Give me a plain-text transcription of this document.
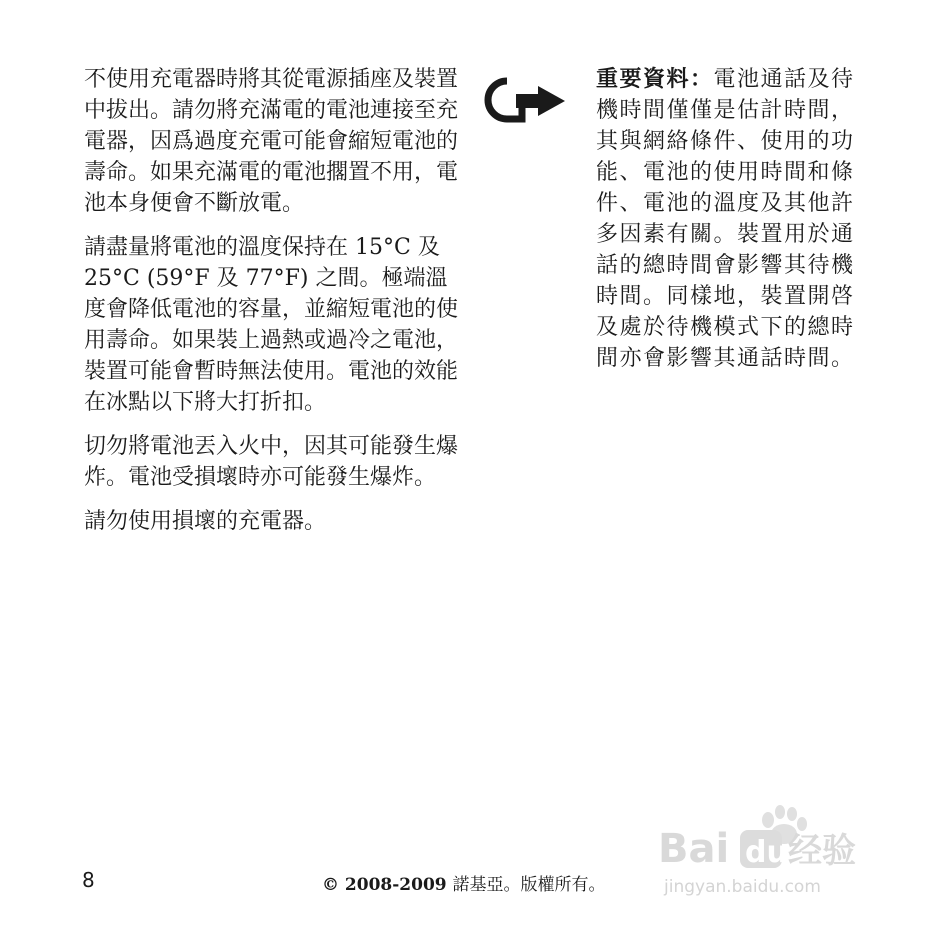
不使用充電器時將其從電源插座及裝置中拔出。請勿將充滿電的電池連接至充電器，因爲過度充電可能會縮短電池的壽命。如果充滿電的電池擱置不用，電池本身便會不斷放電。

請盡量將電池的溫度保持在 15°C 及 25°C (59°F 及 77°F) 之間。極端溫度會降低電池的容量，並縮短電池的使用壽命。如果裝上過熱或過冷之電池，裝置可能會暫時無法使用。電池的效能在冰點以下將大打折扣。

切勿將電池丟入火中，因其可能發生爆炸。電池受損壞時亦可能發生爆炸。

請勿使用損壞的充電器。

重要資料：電池通話及待機時間僅僅是估計時間，其與網絡條件、使用的功能、電池的使用時間和條件、電池的溫度及其他許多因素有關。裝置用於通話的總時間會影響其待機時間。同樣地，裝置開啓及處於待機模式下的總時間亦會影響其通話時間。

8	© 2008-2009 諾基亞。版權所有。
Bai du 经验
jingyan.baidu.com
